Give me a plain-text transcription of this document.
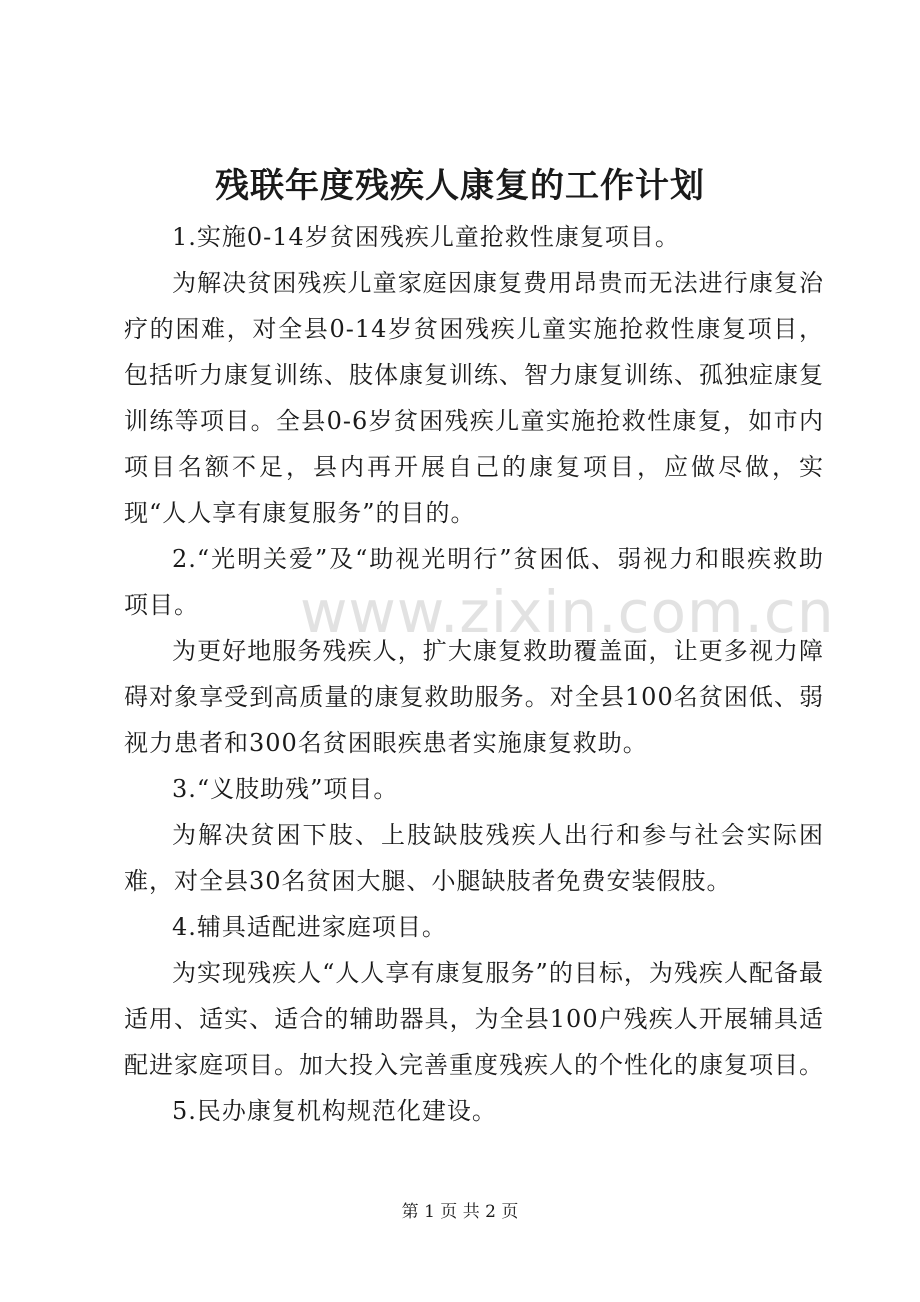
www.zixin.com.cn
残联年度残疾人康复的工作计划

1.实施0-14岁贫困残疾儿童抢救性康复项目。

为解决贫困残疾儿童家庭因康复费用昂贵而无法进行康复治疗的困难，对全县0-14岁贫困残疾儿童实施抢救性康复项目，包括听力康复训练、肢体康复训练、智力康复训练、孤独症康复训练等项目。全县0-6岁贫困残疾儿童实施抢救性康复，如市内项目名额不足，县内再开展自己的康复项目，应做尽做，实现“人人享有康复服务”的目的。

2.“光明关爱”及“助视光明行”贫困低、弱视力和眼疾救助项目。

为更好地服务残疾人，扩大康复救助覆盖面，让更多视力障碍对象享受到高质量的康复救助服务。对全县100名贫困低、弱视力患者和300名贫困眼疾患者实施康复救助。

3.“义肢助残”项目。

为解决贫困下肢、上肢缺肢残疾人出行和参与社会实际困难，对全县30名贫困大腿、小腿缺肢者免费安装假肢。

4.辅具适配进家庭项目。

为实现残疾人“人人享有康复服务”的目标，为残疾人配备最适用、适实、适合的辅助器具，为全县100户残疾人开展辅具适配进家庭项目。加大投入完善重度残疾人的个性化的康复项目。

5.民办康复机构规范化建设。

第 1 页 共 2 页
